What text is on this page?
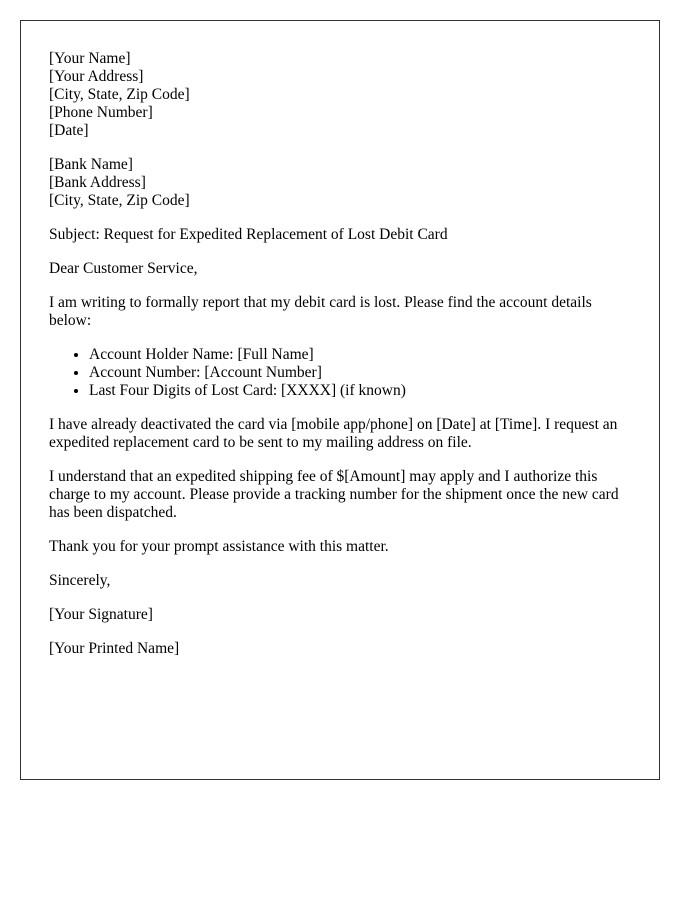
[Your Name]
[Your Address]
[City, State, Zip Code]
[Phone Number]
[Date]
[Bank Name]
[Bank Address]
[City, State, Zip Code]

Subject: Request for Expedited Replacement of Lost Debit Card

Dear Customer Service,

I am writing to formally report that my debit card is lost. Please find the account details below:

• Account Holder Name: [Full Name]
• Account Number: [Account Number]
• Last Four Digits of Lost Card: [XXXX] (if known)

I have already deactivated the card via [mobile app/phone] on [Date] at [Time]. I request an expedited replacement card to be sent to my mailing address on file.

I understand that an expedited shipping fee of $[Amount] may apply and I authorize this charge to my account. Please provide a tracking number for the shipment once the new card has been dispatched.

Thank you for your prompt assistance with this matter.

Sincerely,

[Your Signature]

[Your Printed Name]
